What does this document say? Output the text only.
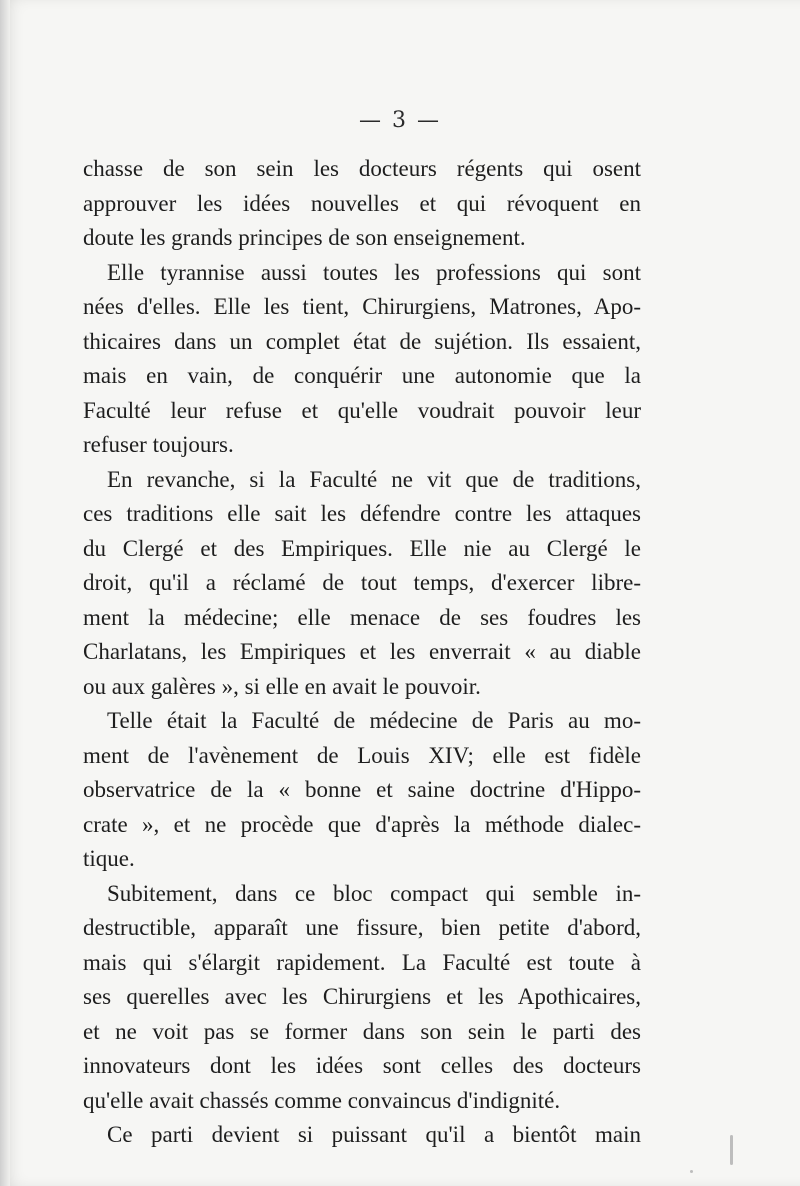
— 3 —
chasse de son sein les docteurs régents qui osent
approuver les idées nouvelles et qui révoquent en
doute les grands principes de son enseignement.
Elle tyrannise aussi toutes les professions qui sont
nées d'elles. Elle les tient, Chirurgiens, Matrones, Apo-
thicaires dans un complet état de sujétion. Ils essaient,
mais en vain, de conquérir une autonomie que la
Faculté leur refuse et qu'elle voudrait pouvoir leur
refuser toujours.
En revanche, si la Faculté ne vit que de traditions,
ces traditions elle sait les défendre contre les attaques
du Clergé et des Empiriques. Elle nie au Clergé le
droit, qu'il a réclamé de tout temps, d'exercer libre-
ment la médecine; elle menace de ses foudres les
Charlatans, les Empiriques et les enverrait « au diable
ou aux galères », si elle en avait le pouvoir.
Telle était la Faculté de médecine de Paris au mo-
ment de l'avènement de Louis XIV; elle est fidèle
observatrice de la « bonne et saine doctrine d'Hippo-
crate », et ne procède que d'après la méthode dialec-
tique.
Subitement, dans ce bloc compact qui semble in-
destructible, apparaît une fissure, bien petite d'abord,
mais qui s'élargit rapidement. La Faculté est toute à
ses querelles avec les Chirurgiens et les Apothicaires,
et ne voit pas se former dans son sein le parti des
innovateurs dont les idées sont celles des docteurs
qu'elle avait chassés comme convaincus d'indignité.
Ce parti devient si puissant qu'il a bientôt main
